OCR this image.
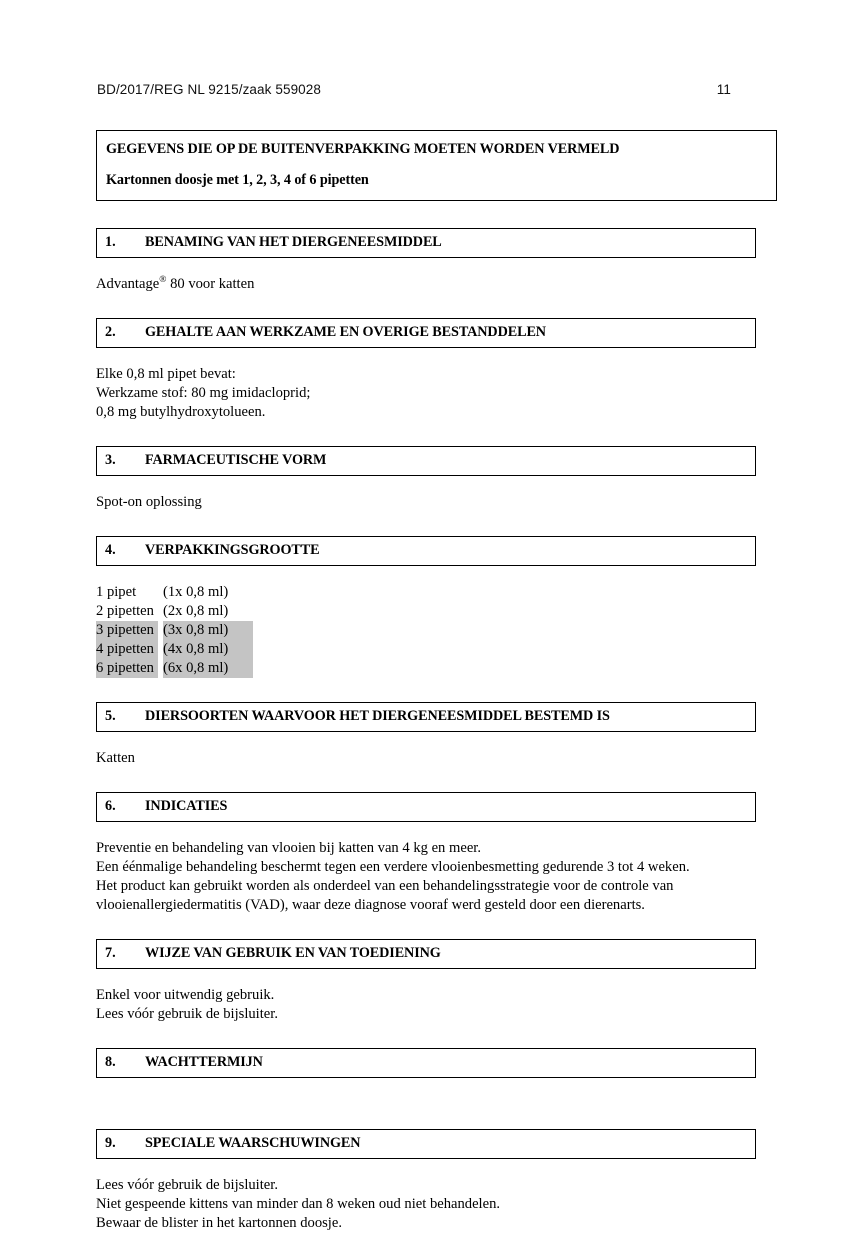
BD/2017/REG NL 9215/zaak 559028	11
GEGEVENS DIE OP DE BUITENVERPAKKING MOETEN WORDEN VERMELD
Kartonnen doosje met 1, 2, 3, 4 of 6 pipetten
1.	BENAMING VAN HET DIERGENEESMIDDEL
Advantage® 80 voor katten
2.	GEHALTE AAN WERKZAME EN OVERIGE BESTANDDELEN
Elke 0,8 ml pipet bevat:
Werkzame stof: 80 mg imidacloprid;
0,8 mg butylhydroxytolueen.
3.	FARMACEUTISCHE VORM
Spot-on oplossing
4.	VERPAKKINGSGROOTTE
1 pipet	(1x 0,8 ml)
2 pipetten (2x 0,8 ml)
3 pipetten (3x 0,8 ml)
4 pipetten (4x 0,8 ml)
6 pipetten (6x 0,8 ml)
5.	DIERSOORTEN WAARVOOR HET DIERGENEESMIDDEL BESTEMD IS
Katten
6.	INDICATIES
Preventie en behandeling van vlooien bij katten van 4 kg en meer.
Een éénmalige behandeling beschermt tegen een verdere vlooienbesmetting gedurende 3 tot 4 weken.
Het product kan gebruikt worden als onderdeel van een behandelingsstrategie voor de controle van
vlooienallergiedermatitis (VAD), waar deze diagnose vooraf werd gesteld door een dierenarts.
7.	WIJZE VAN GEBRUIK EN VAN TOEDIENING
Enkel voor uitwendig gebruik.
Lees vóór gebruik de bijsluiter.
8.	WACHTTERMIJN
9.	SPECIALE WAARSCHUWINGEN
Lees vóór gebruik de bijsluiter.
Niet gespeende kittens van minder dan 8 weken oud niet behandelen.
Bewaar de blister in het kartonnen doosje.
